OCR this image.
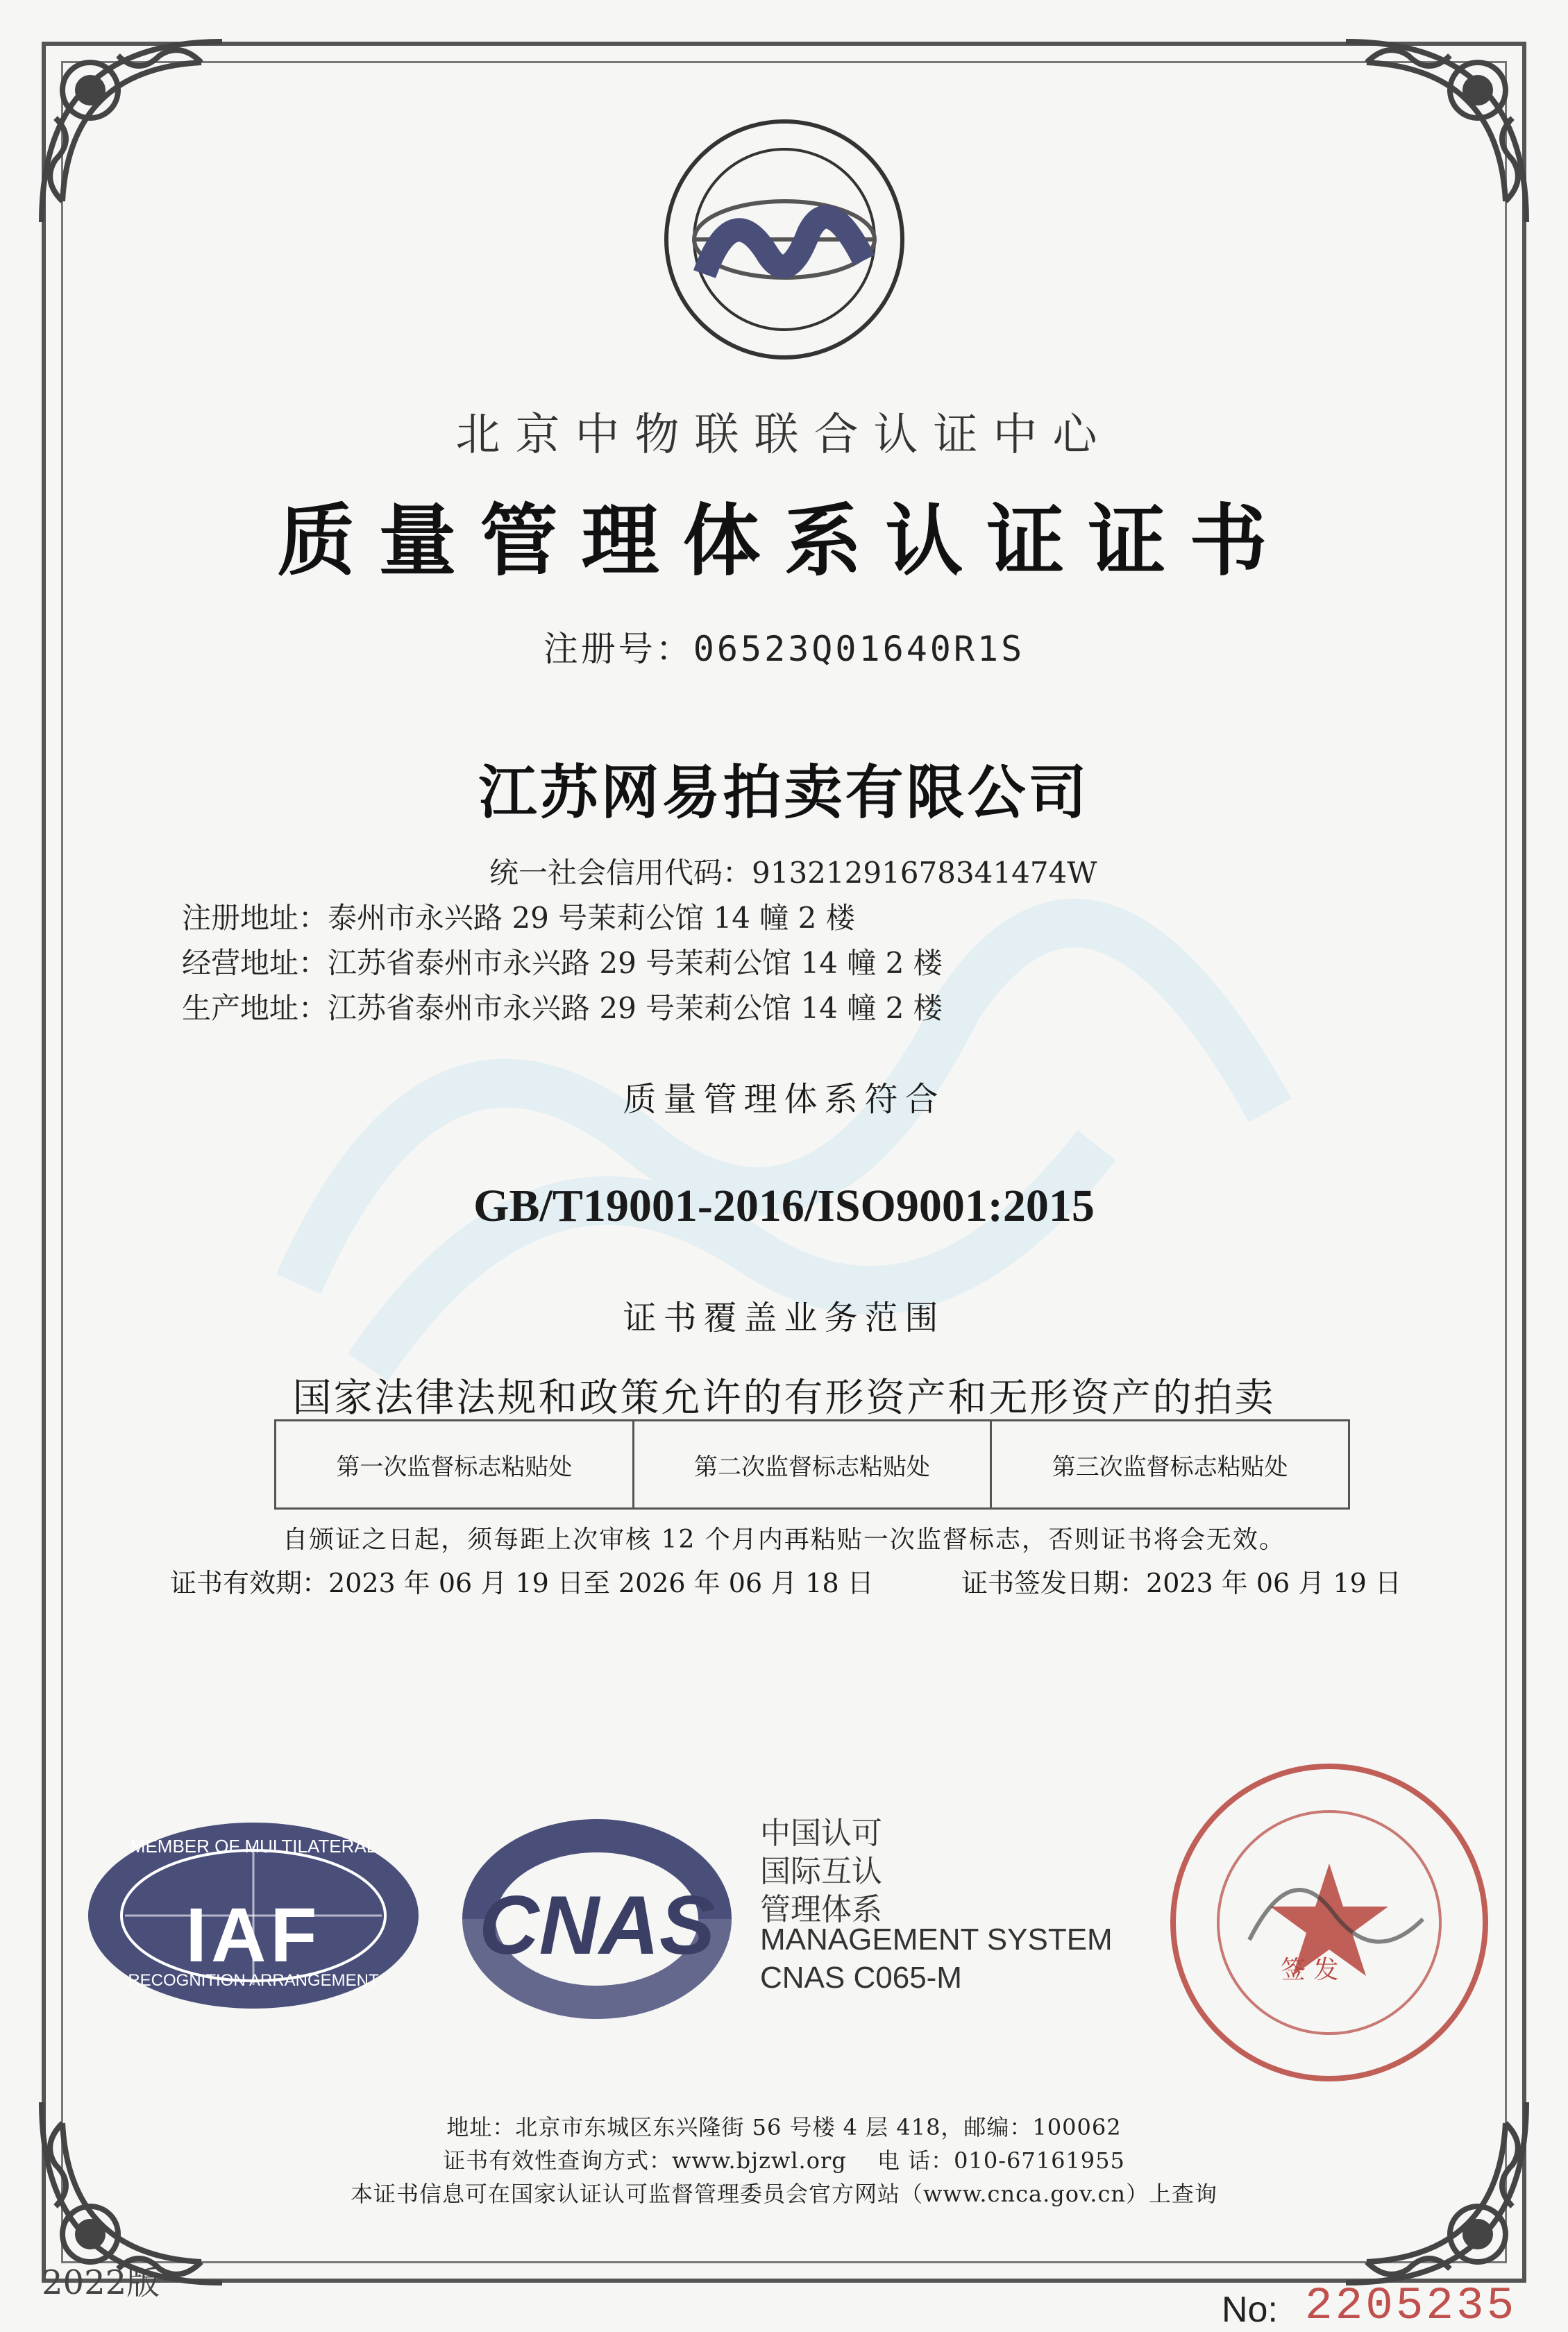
北京中物联联合认证中心
质量管理体系认证证书
注册号：06523Q01640R1S
江苏网易拍卖有限公司
统一社会信用代码：91321291678341474W
注册地址：泰州市永兴路 29 号茉莉公馆 14 幢 2 楼
经营地址：江苏省泰州市永兴路 29 号茉莉公馆 14 幢 2 楼
生产地址：江苏省泰州市永兴路 29 号茉莉公馆 14 幢 2 楼
质量管理体系符合
GB/T19001-2016/ISO9001:2015
证书覆盖业务范围
国家法律法规和政策允许的有形资产和无形资产的拍卖
第一次监督标志粘贴处	第二次监督标志粘贴处	第三次监督标志粘贴处
自颁证之日起，须每距上次审核 12 个月内再粘贴一次监督标志，否则证书将会无效。
证书有效期：2023 年 06 月 19 日至 2026 年 06 月 18 日	证书签发日期：2023 年 06 月 19 日
IAF
MEMBER OF MULTILATERAL
RECOGNITION ARRANGEMENT
CNAS
中国认可
国际互认
管理体系
MANAGEMENT SYSTEM
CNAS C065-M	签 发
地址：北京市东城区东兴隆街 56 号楼 4 层 418，邮编：100062
证书有效性查询方式：www.bjzwl.org　 电 话：010-67161955
本证书信息可在国家认证认可监督管理委员会官方网站（www.cnca.gov.cn）上查询
2022版
No: 2205235
